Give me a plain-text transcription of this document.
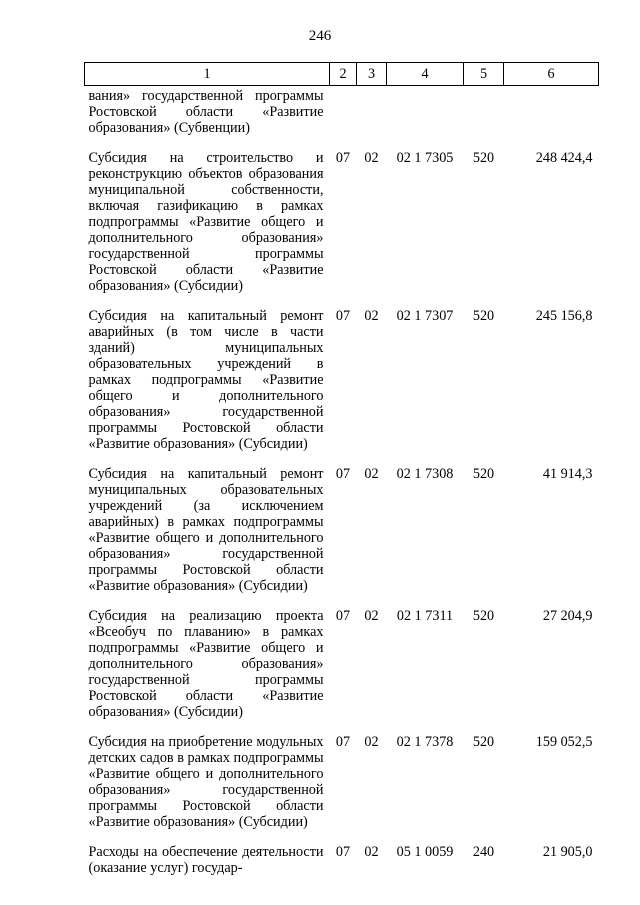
246
1	2	3	4	5	6
вания» государственной программы Ростовской области «Развитие образования» (Субвенции)					
Субсидия на строительство и реконструкцию объектов образования муниципальной собственности, включая газификацию в рамках подпрограммы «Развитие общего и дополнительного образования» государственной программы Ростовской области «Развитие образования» (Субсидии)	07	02	02 1 7305	520	248 424,4
Субсидия на капитальный ремонт аварийных (в том числе в части зданий) муниципальных образовательных учреждений в рамках подпрограммы «Развитие общего и дополнительного образования» государственной программы Ростовской области «Развитие образования» (Субсидии)	07	02	02 1 7307	520	245 156,8
Субсидия на капитальный ремонт муниципальных образовательных учреждений (за исключением аварийных) в рамках подпрограммы «Развитие общего и дополнительного образования» государственной программы Ростовской области «Развитие образования» (Субсидии)	07	02	02 1 7308	520	41 914,3
Субсидия на реализацию проекта «Всеобуч по плаванию» в рамках подпрограммы «Развитие общего и дополнительного образования» государственной программы Ростовской области «Развитие образования» (Субсидии)	07	02	02 1 7311	520	27 204,9
Субсидия на приобретение модульных детских садов в рамках подпрограммы «Развитие общего и дополнительного образования» государственной программы Ростовской области «Развитие образования» (Субсидии)	07	02	02 1 7378	520	159 052,5
Расходы на обеспечение деятельности (оказание услуг) государ-	07	02	05 1 0059	240	21 905,0
